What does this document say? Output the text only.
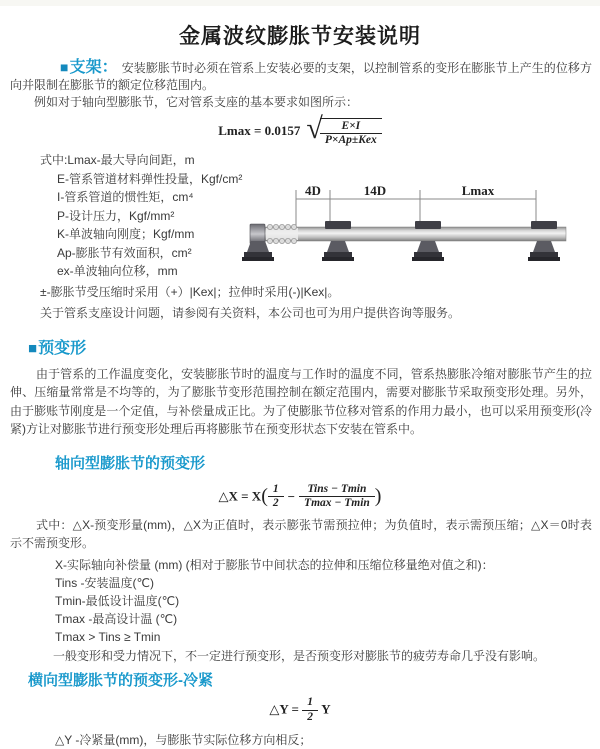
金属波纹膨胀节安装说明

■支架： 安装膨胀节时必须在管系上安装必要的支架，以控制管系的变形在膨胀节上产生的位移方向并限制在膨胀节的额定位移范围内。

例如对于轴向型膨胀节，它对管系支座的基本要求如图所示：

Lmax = 0.0157 √	E×I
P×Ap±Kex
式中:Lmax-最大导向间距，m
E-管系管道材料弹性投量，Kgf/cm²
I-管系管道的惯性矩，cm⁴
P-设计压力，Kgf/mm²
K-单波轴向刚度；Kgf/mm
Ap-膨胀节有效面积，cm²
ex-单波轴向位移，mm
4D	14D	Lmax
±-膨胀节受压缩时采用（+）|Kex|；拉伸时采用(-)|Kex|。
关于管系支座设计问题，请参阅有关资料，本公司也可为用户提供咨询等服务。
■预变形

由于管系的工作温度变化，安装膨胀节时的温度与工作时的温度不同，管系热膨胀冷缩对膨胀节产生的拉伸、压缩量常常是不均等的，为了膨胀节变形范围控制在额定范围内，需要对膨胀节采取预变形处理。另外，由于膨账节刚度是一个定值，与补偿量成正比。为了使膨胀节位移对管系的作用力最小，也可以采用预变形(冷紧)方让对膨胀节进行预变形处理后再将膨胀节在预变形状态下安装在管系中。

轴向型膨胀节的预变形
△X = $X( \frac{1}{2}$ −	Tins − Tmin
Tmax − Tmin )

式中：△X-预变形量(mm)，△X为正值时，表示膨张节需预拉伸；为负值时，表示需预压缩；△X＝0时表示不需预变形。

X-实际轴向补偿量 (mm) (相对于膨胀节中间状态的拉伸和压缩位移量绝对值之和)：
Tins -安装温度(℃)
Tmin-最低设计温度(℃)
Tmax -最高设计温 (℃)
Tmax > Tins ≥ Tmin
一般变形和受力情况下，不一定进行预变形，是否预变形对膨胀节的疲劳寿命几乎没有影响。
横向型膨胀节的预变形-冷紧
△Y = $\frac{1}{2}$ Y
△Y -冷紧量(mm)，与膨胀节实际位移方向相反；
